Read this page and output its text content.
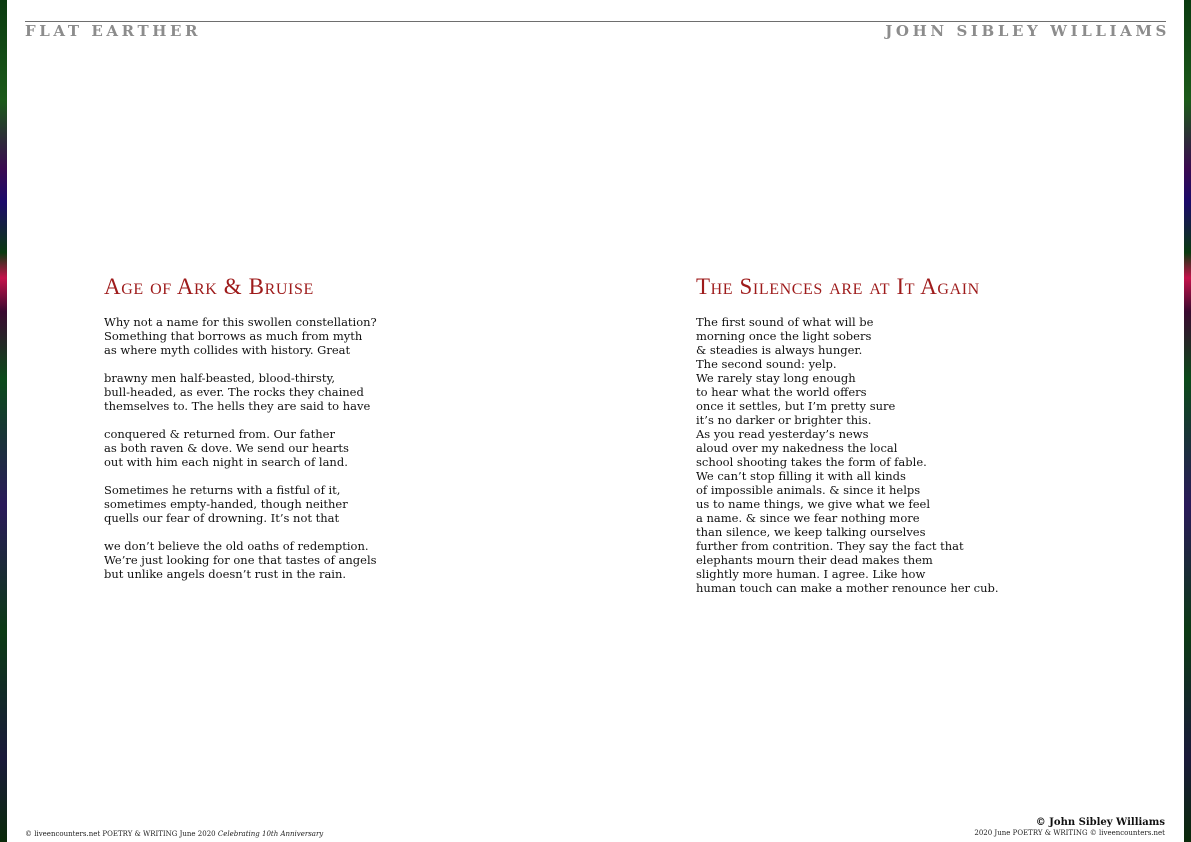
FLAT EARTHER	JOHN SIBLEY WILLIAMS
Age of Ark & Bruise
Why not a name for this swollen constellation?
Something that borrows as much from myth
as where myth collides with history. Great
brawny men half-beasted, blood-thirsty,
bull-headed, as ever. The rocks they chained
themselves to. The hells they are said to have
conquered & returned from. Our father
as both raven & dove. We send our hearts
out with him each night in search of land.
Sometimes he returns with a fistful of it,
sometimes empty-handed, though neither
quells our fear of drowning. It’s not that
we don’t believe the old oaths of redemption.
We’re just looking for one that tastes of angels
but unlike angels doesn’t rust in the rain.
The Silences are at It Again
The first sound of what will be
morning once the light sobers
& steadies is always hunger.
The second sound: yelp.
We rarely stay long enough
to hear what the world offers
once it settles, but I’m pretty sure
it’s no darker or brighter this.
As you read yesterday’s news
aloud over my nakedness the local
school shooting takes the form of fable.
We can’t stop filling it with all kinds
of impossible animals. & since it helps
us to name things, we give what we feel
a name. & since we fear nothing more
than silence, we keep talking ourselves
further from contrition. They say the fact that
elephants mourn their dead makes them
slightly more human. I agree. Like how
human touch can make a mother renounce her cub.
© liveencounters.net POETRY & WRITING June 2020 Celebrating 10th Anniversary
© John Sibley Williams
2020 June POETRY & WRITING © liveencounters.net
